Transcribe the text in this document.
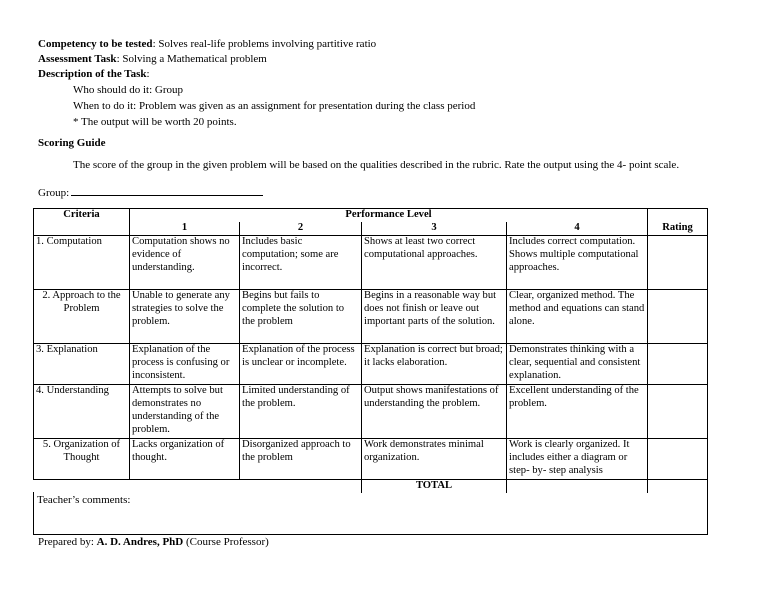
Competency to be tested: Solves real-life problems involving partitive ratio
Assessment Task: Solving a Mathematical problem
Description of the Task:
Who should do it: Group
When to do it: Problem was given as an assignment for presentation during the class period
* The output will be worth 20 points.
Scoring Guide
The score of the group in the given problem will be based on the qualities described in the rubric. Rate the output using the 4- point scale.
Group:
Criteria	Performance Level				
	1	2	3	4	Rating
1. Computation	Computation shows no evidence of understanding.	Includes basic computation; some are incorrect.	Shows at least two correct computational approaches.	Includes correct computation. Shows multiple computational approaches.	
2. Approach to the Problem	Unable to generate any strategies to solve the problem.	Begins but fails to complete the solution to the problem	Begins in a reasonable way but does not finish or leave out important parts of the solution.	Clear, organized method. The method and equations can stand alone.	
3. Explanation	Explanation of the process is confusing or inconsistent.	Explanation of the process is unclear or incomplete.	Explanation is correct but broad; it lacks elaboration.	Demonstrates thinking with a clear, sequential and consistent explanation.	
4. Understanding	Attempts to solve but demonstrates no understanding of the problem.	Limited understanding of the problem.	Output shows manifestations of understanding the problem.	Excellent understanding of the problem.	
5. Organization of Thought	Lacks organization of thought.	Disorganized approach to the problem	Work demonstrates minimal organization.	Work is clearly organized. It includes either a diagram or step- by- step analysis	
			TOTAL		
Teacher’s comments:
Prepared by: A. D. Andres, PhD (Course Professor)
